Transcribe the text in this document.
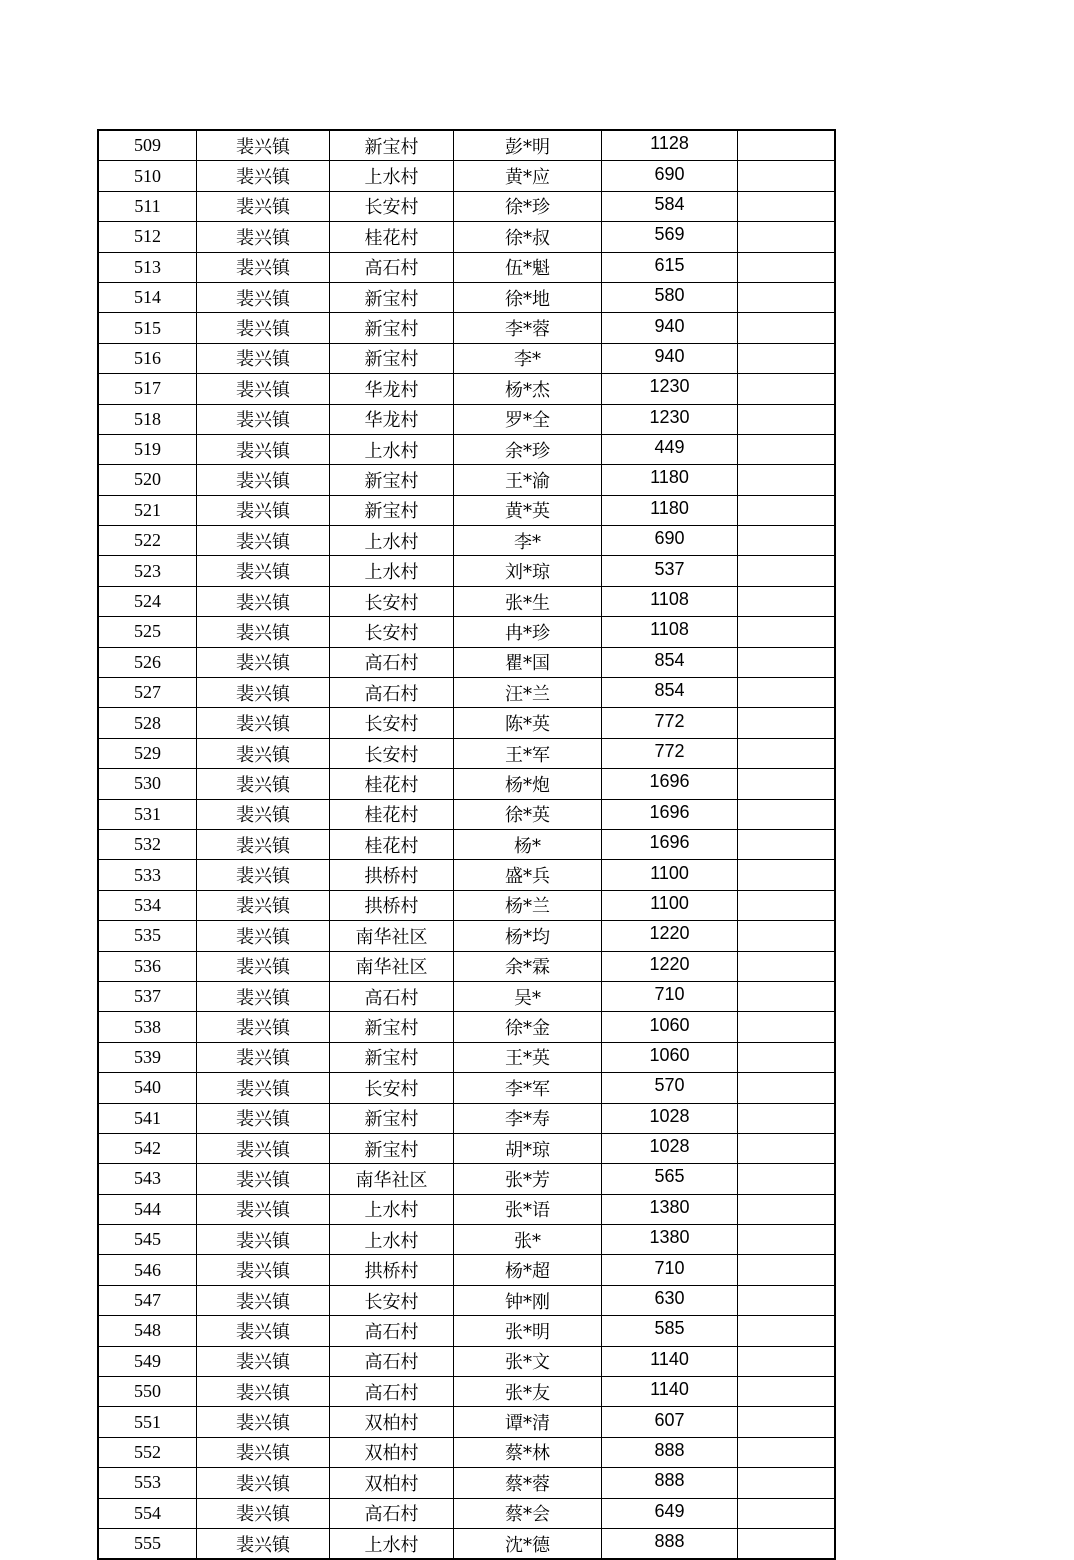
509	裴兴镇	新宝村	彭*明	1128	
510	裴兴镇	上水村	黄*应	690	
511	裴兴镇	长安村	徐*珍	584	
512	裴兴镇	桂花村	徐*叔	569	
513	裴兴镇	高石村	伍*魁	615	
514	裴兴镇	新宝村	徐*地	580	
515	裴兴镇	新宝村	李*蓉	940	
516	裴兴镇	新宝村	李*	940	
517	裴兴镇	华龙村	杨*杰	1230	
518	裴兴镇	华龙村	罗*全	1230	
519	裴兴镇	上水村	余*珍	449	
520	裴兴镇	新宝村	王*渝	1180	
521	裴兴镇	新宝村	黄*英	1180	
522	裴兴镇	上水村	李*	690	
523	裴兴镇	上水村	刘*琼	537	
524	裴兴镇	长安村	张*生	1108	
525	裴兴镇	长安村	冉*珍	1108	
526	裴兴镇	高石村	瞿*国	854	
527	裴兴镇	高石村	汪*兰	854	
528	裴兴镇	长安村	陈*英	772	
529	裴兴镇	长安村	王*军	772	
530	裴兴镇	桂花村	杨*炮	1696	
531	裴兴镇	桂花村	徐*英	1696	
532	裴兴镇	桂花村	杨*	1696	
533	裴兴镇	拱桥村	盛*兵	1100	
534	裴兴镇	拱桥村	杨*兰	1100	
535	裴兴镇	南华社区	杨*均	1220	
536	裴兴镇	南华社区	余*霖	1220	
537	裴兴镇	高石村	吴*	710	
538	裴兴镇	新宝村	徐*金	1060	
539	裴兴镇	新宝村	王*英	1060	
540	裴兴镇	长安村	李*军	570	
541	裴兴镇	新宝村	李*寿	1028	
542	裴兴镇	新宝村	胡*琼	1028	
543	裴兴镇	南华社区	张*芳	565	
544	裴兴镇	上水村	张*语	1380	
545	裴兴镇	上水村	张*	1380	
546	裴兴镇	拱桥村	杨*超	710	
547	裴兴镇	长安村	钟*刚	630	
548	裴兴镇	高石村	张*明	585	
549	裴兴镇	高石村	张*文	1140	
550	裴兴镇	高石村	张*友	1140	
551	裴兴镇	双柏村	谭*清	607	
552	裴兴镇	双柏村	蔡*林	888	
553	裴兴镇	双柏村	蔡*蓉	888	
554	裴兴镇	高石村	蔡*会	649	
555	裴兴镇	上水村	沈*德	888	
